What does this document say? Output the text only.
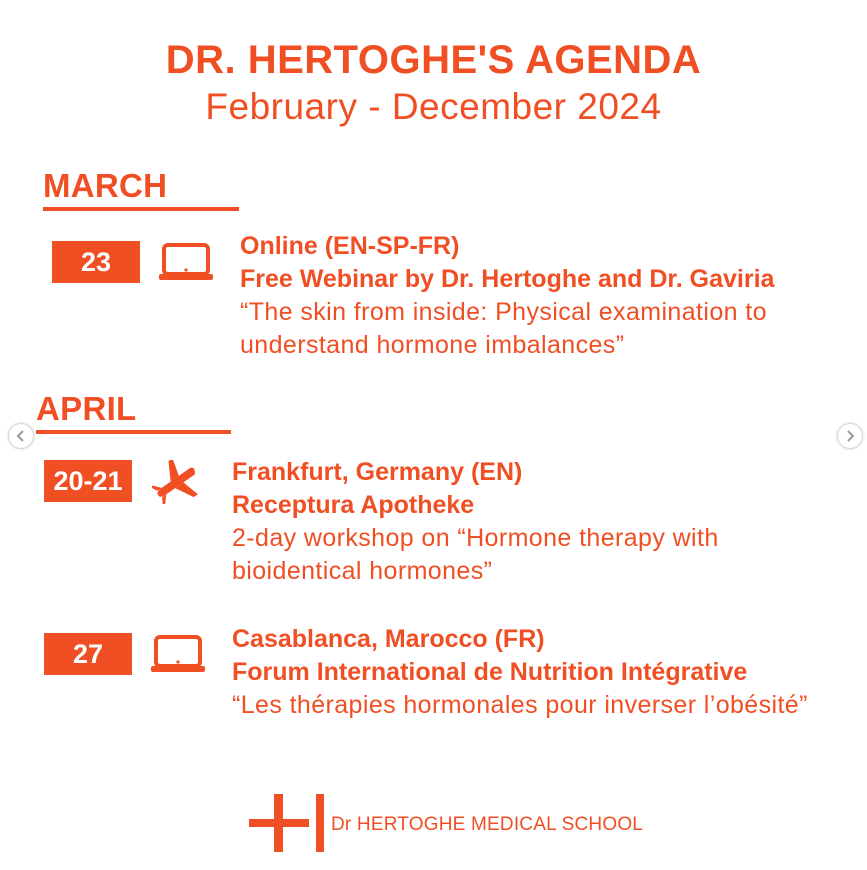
DR. HERTOGHE'S AGENDA
February - December 2024
MARCH
23
Online (EN-SP-FR)
Free Webinar by Dr. Hertoghe and Dr. Gaviria
“The skin from inside: Physical examination to understand hormone imbalances”
APRIL
20-21	Frankfurt, Germany (EN)
Receptura Apotheke
2-day workshop on “Hormone therapy with bioidentical hormones”
27	Casablanca, Marocco (FR)
Forum International de Nutrition Intégrative
“Les thérapies hormonales pour inverser l’obésité”
Dr HERTOGHE MEDICAL SCHOOL
